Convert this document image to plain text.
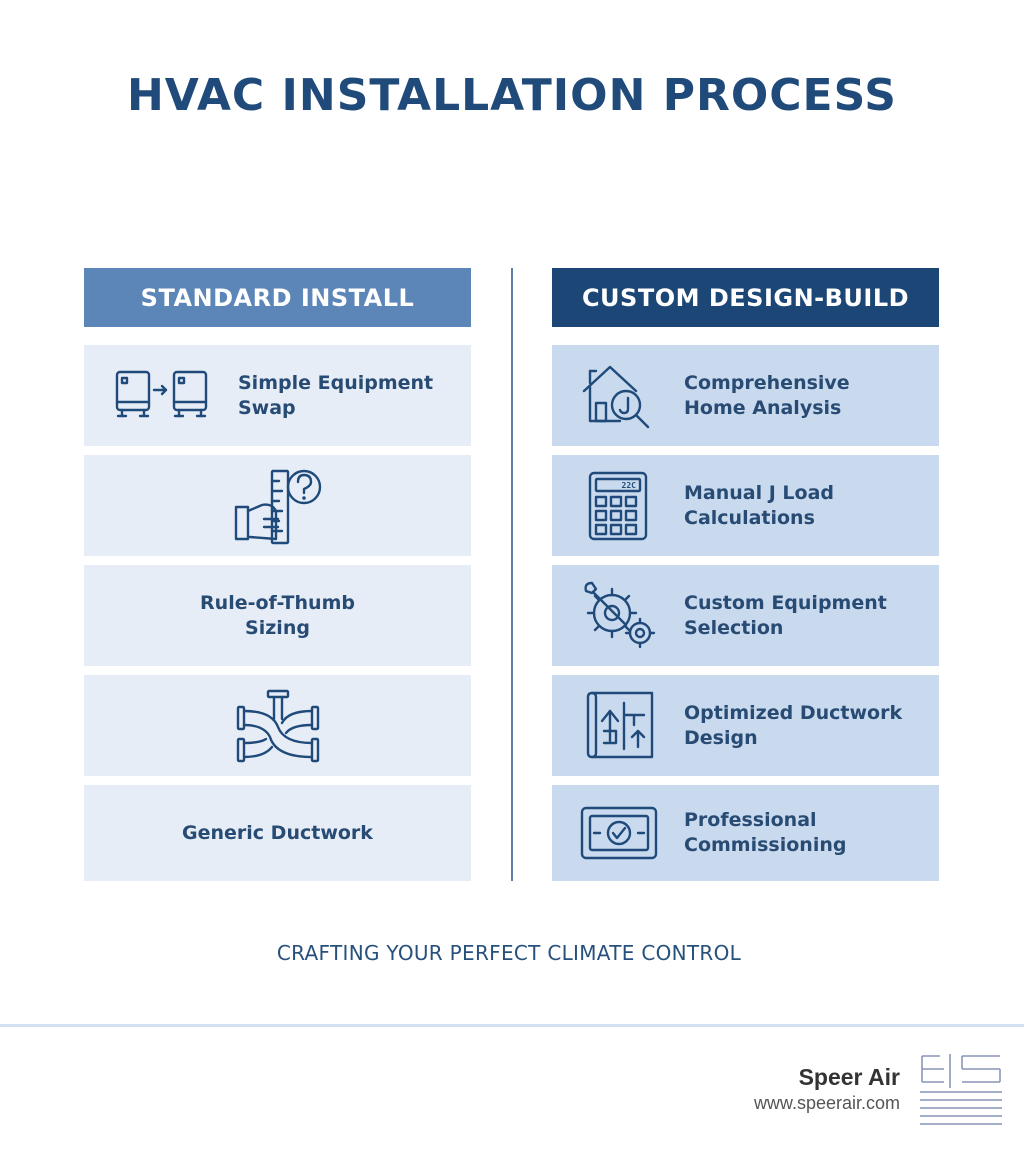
HVAC INSTALLATION PROCESS
STANDARD INSTALL	CUSTOM DESIGN-BUILD
Simple Equipment Swap
Rule-of-Thumb Sizing
Generic Ductwork
Comprehensive Home Analysis
22C	Manual J Load Calculations
Custom Equipment Selection
Optimized Ductwork Design
Professional Commissioning
CRAFTING YOUR PERFECT CLIMATE CONTROL
Speer Air
www.speerair.com
